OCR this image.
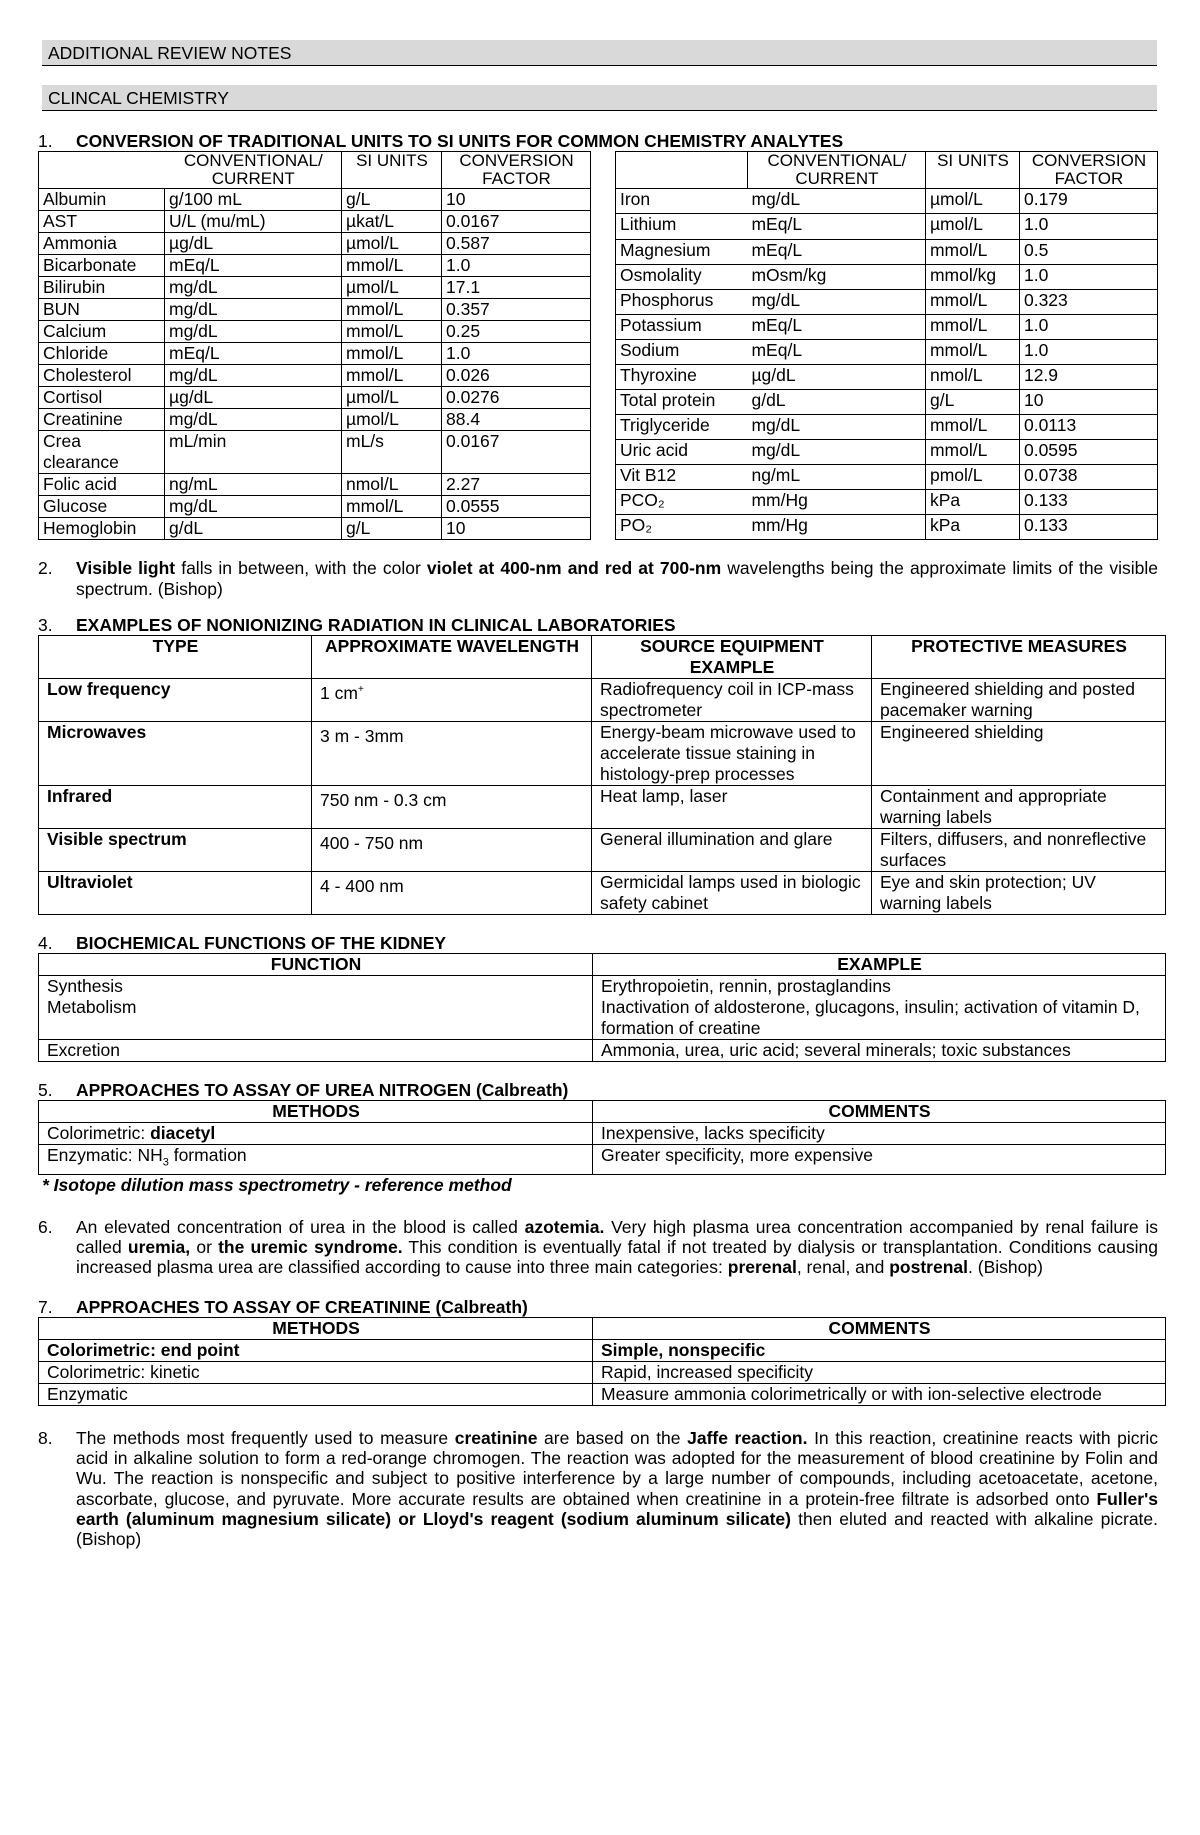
ADDITIONAL REVIEW NOTES
CLINCAL CHEMISTRY
1. CONVERSION OF TRADITIONAL UNITS TO SI UNITS FOR COMMON CHEMISTRY ANALYTES
	CONVENTIONAL/ CURRENT	SI UNITS	CONVERSION FACTOR
Albumin	g/100 mL	g/L	10
AST	U/L (mu/mL)	µkat/L	0.0167
Ammonia	µg/dL	µmol/L	0.587
Bicarbonate	mEq/L	mmol/L	1.0
Bilirubin	mg/dL	µmol/L	17.1
BUN	mg/dL	mmol/L	0.357
Calcium	mg/dL	mmol/L	0.25
Chloride	mEq/L	mmol/L	1.0
Cholesterol	mg/dL	mmol/L	0.026
Cortisol	µg/dL	µmol/L	0.0276
Creatinine	mg/dL	µmol/L	88.4
Crea clearance	mL/min	mL/s	0.0167
Folic acid	ng/mL	nmol/L	2.27
Glucose	mg/dL	mmol/L	0.0555
Hemoglobin	g/dL	g/L	10
	CONVENTIONAL/ CURRENT	SI UNITS	CONVERSION FACTOR
Iron	mg/dL	µmol/L	0.179
Lithium	mEq/L	µmol/L	1.0
Magnesium	mEq/L	mmol/L	0.5
Osmolality	mOsm/kg	mmol/kg	1.0
Phosphorus	mg/dL	mmol/L	0.323
Potassium	mEq/L	mmol/L	1.0
Sodium	mEq/L	mmol/L	1.0
Thyroxine	µg/dL	nmol/L	12.9
Total protein	g/dL	g/L	10
Triglyceride	mg/dL	mmol/L	0.0113
Uric acid	mg/dL	mmol/L	0.0595
Vit B12	ng/mL	pmol/L	0.0738
PCO₂	mm/Hg	kPa	0.133
PO₂	mm/Hg	kPa	0.133
2.	Visible light falls in between, with the color violet at 400-nm and red at 700-nm wavelengths being the approximate limits of the visible spectrum. (Bishop)
3. EXAMPLES OF NONIONIZING RADIATION IN CLINICAL LABORATORIES
TYPE	APPROXIMATE WAVELENGTH	SOURCE EQUIPMENT EXAMPLE	PROTECTIVE MEASURES
Low frequency	1 cm+	Radiofrequency coil in ICP-mass spectrometer	Engineered shielding and posted pacemaker warning
Microwaves	3 m - 3mm	Energy-beam microwave used to accelerate tissue staining in histology-prep processes	Engineered shielding
Infrared	750 nm - 0.3 cm	Heat lamp, laser	Containment and appropriate warning labels
Visible spectrum	400 - 750 nm	General illumination and glare	Filters, diffusers, and nonreflective surfaces
Ultraviolet	4 - 400 nm	Germicidal lamps used in biologic safety cabinet	Eye and skin protection; UV warning labels
4. BIOCHEMICAL FUNCTIONS OF THE KIDNEY
FUNCTION	EXAMPLE
Synthesis	Erythropoietin, rennin, prostaglandins
Metabolism	Inactivation of aldosterone, glucagons, insulin; activation of vitamin D, formation of creatine
Excretion	Ammonia, urea, uric acid; several minerals; toxic substances
5. APPROACHES TO ASSAY OF UREA NITROGEN (Calbreath)
METHODS	COMMENTS
Colorimetric: diacetyl	Inexpensive, lacks specificity
Enzymatic: $NH_3$ formation	Greater specificity, more expensive
* Isotope dilution mass spectrometry - reference method
6.	An elevated concentration of urea in the blood is called azotemia. Very high plasma urea concentration accompanied by renal failure is called uremia, or the uremic syndrome. This condition is eventually fatal if not treated by dialysis or transplantation. Conditions causing increased plasma urea are classified according to cause into three main categories: prerenal, renal, and postrenal. (Bishop)
7. APPROACHES TO ASSAY OF CREATININE (Calbreath)
METHODS	COMMENTS
Colorimetric: end point	Simple, nonspecific
Colorimetric: kinetic	Rapid, increased specificity
Enzymatic	Measure ammonia colorimetrically or with ion-selective electrode
8.	The methods most frequently used to measure creatinine are based on the Jaffe reaction. In this reaction, creatinine reacts with picric acid in alkaline solution to form a red-orange chromogen. The reaction was adopted for the measurement of blood creatinine by Folin and Wu. The reaction is nonspecific and subject to positive interference by a large number of compounds, including acetoacetate, acetone, ascorbate, glucose, and pyruvate. More accurate results are obtained when creatinine in a protein-free filtrate is adsorbed onto Fuller's earth (aluminum magnesium silicate) or Lloyd's reagent (sodium aluminum silicate) then eluted and reacted with alkaline picrate.(Bishop)
